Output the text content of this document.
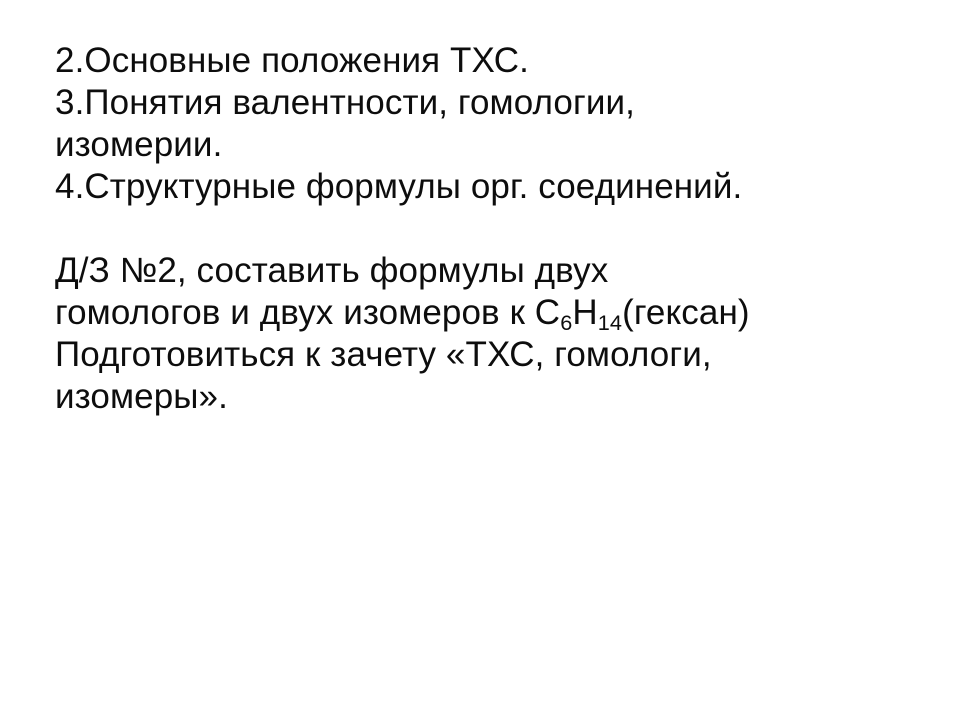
2.Основные положения ТХС.
3.Понятия валентности, гомологии,
изомерии.
4.Структурные формулы орг. соединений.
Д/З №2, составить формулы двух
гомологов и двух изомеров к $С_6Н_{14}(гексан)$
Подготовиться к зачету «ТХС, гомологи,
изомеры».
